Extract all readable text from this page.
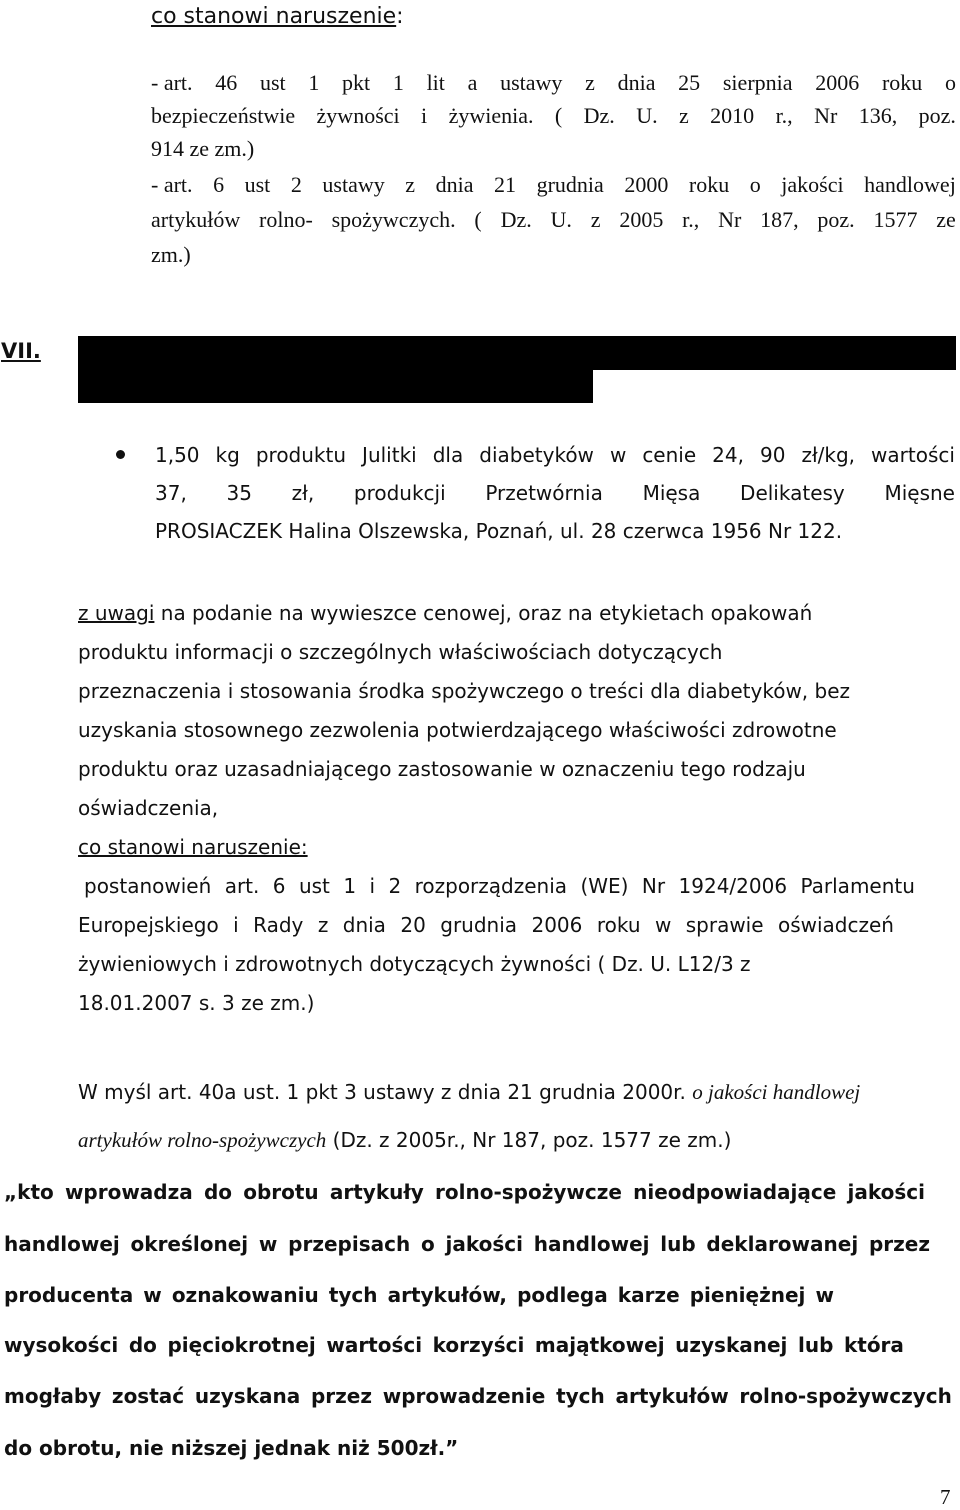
co stanowi naruszenie:
- art. 46 ust 1 pkt 1 lit a ustawy z dnia 25 sierpnia 2006 roku o
bezpieczeństwie żywności i żywienia. ( Dz. U. z 2010 r., Nr 136, poz.
914 ze zm.)
- art. 6 ust 2 ustawy z dnia 21 grudnia 2000 roku o jakości handlowej
artykułów rolno- spożywczych. ( Dz. U. z 2005 r., Nr 187, poz. 1577 ze
zm.)
VII.
1,50 kg produktu Julitki dla diabetyków w cenie 24, 90 zł/kg, wartości
37, 35 zł, produkcji Przetwórnia Mięsa Delikatesy Mięsne
PROSIACZEK Halina Olszewska, Poznań, ul. 28 czerwca 1956 Nr 122.
z uwagi na podanie na wywieszce cenowej, oraz na etykietach opakowań
produktu informacji o szczególnych właściwościach dotyczących
przeznaczenia i stosowania środka spożywczego o treści dla diabetyków, bez
uzyskania stosownego zezwolenia potwierdzającego właściwości zdrowotne
produktu oraz uzasadniającego zastosowanie w oznaczeniu tego rodzaju
oświadczenia,
co stanowi naruszenie:
postanowień art. 6 ust 1 i 2 rozporządzenia (WE) Nr 1924/2006 Parlamentu
Europejskiego i Rady z dnia 20 grudnia 2006 roku w sprawie oświadczeń
żywieniowych i zdrowotnych dotyczących żywności ( Dz. U. L12/3 z
18.01.2007 s. 3 ze zm.)
W myśl art. 40a ust. 1 pkt 3 ustawy z dnia 21 grudnia 2000r. o jakości handlowej
artykułów rolno-spożywczych (Dz. z 2005r., Nr 187, poz. 1577 ze zm.)
„kto wprowadza do obrotu artykuły rolno-spożywcze nieodpowiadające jakości
handlowej określonej w przepisach o jakości handlowej lub deklarowanej przez
producenta w oznakowaniu tych artykułów, podlega karze pieniężnej w
wysokości do pięciokrotnej wartości korzyści majątkowej uzyskanej lub która
mogłaby zostać uzyskana przez wprowadzenie tych artykułów rolno-spożywczych
do obrotu, nie niższej jednak niż 500zł.”
7
